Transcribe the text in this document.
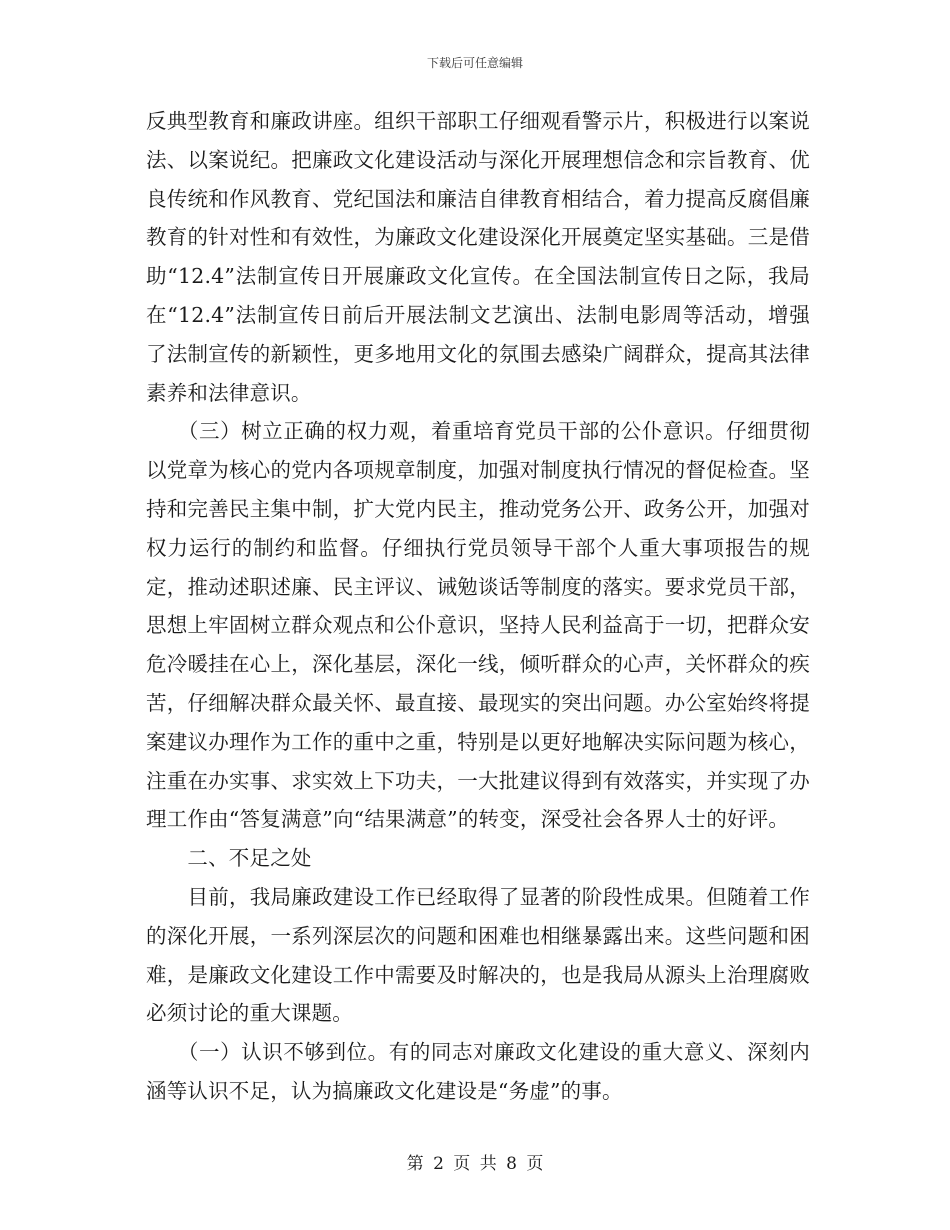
下载后可任意编辑

反典型教育和廉政讲座。组织干部职工仔细观看警示片，积极进行以案说法、以案说纪。把廉政文化建设活动与深化开展理想信念和宗旨教育、优良传统和作风教育、党纪国法和廉洁自律教育相结合，着力提高反腐倡廉教育的针对性和有效性，为廉政文化建设深化开展奠定坚实基础。三是借助“12.4”法制宣传日开展廉政文化宣传。在全国法制宣传日之际，我局在“12.4”法制宣传日前后开展法制文艺演出、法制电影周等活动，增强了法制宣传的新颖性，更多地用文化的氛围去感染广阔群众，提高其法律素养和法律意识。

　　（三）树立正确的权力观，着重培育党员干部的公仆意识。仔细贯彻以党章为核心的党内各项规章制度，加强对制度执行情况的督促检查。坚持和完善民主集中制，扩大党内民主，推动党务公开、政务公开，加强对权力运行的制约和监督。仔细执行党员领导干部个人重大事项报告的规定，推动述职述廉、民主评议、诫勉谈话等制度的落实。要求党员干部，思想上牢固树立群众观点和公仆意识，坚持人民利益高于一切，把群众安危冷暖挂在心上，深化基层，深化一线，倾听群众的心声，关怀群众的疾苦，仔细解决群众最关怀、最直接、最现实的突出问题。办公室始终将提案建议办理作为工作的重中之重，特别是以更好地解决实际问题为核心，注重在办实事、求实效上下功夫，一大批建议得到有效落实，并实现了办理工作由“答复满意”向“结果满意”的转变，深受社会各界人士的好评。

　　二、不足之处

　　目前，我局廉政建设工作已经取得了显著的阶段性成果。但随着工作的深化开展，一系列深层次的问题和困难也相继暴露出来。这些问题和困难，是廉政文化建设工作中需要及时解决的，也是我局从源头上治理腐败必须讨论的重大课题。

　　（一）认识不够到位。有的同志对廉政文化建设的重大意义、深刻内涵等认识不足，认为搞廉政文化建设是“务虚”的事。

第 2 页 共 8 页
